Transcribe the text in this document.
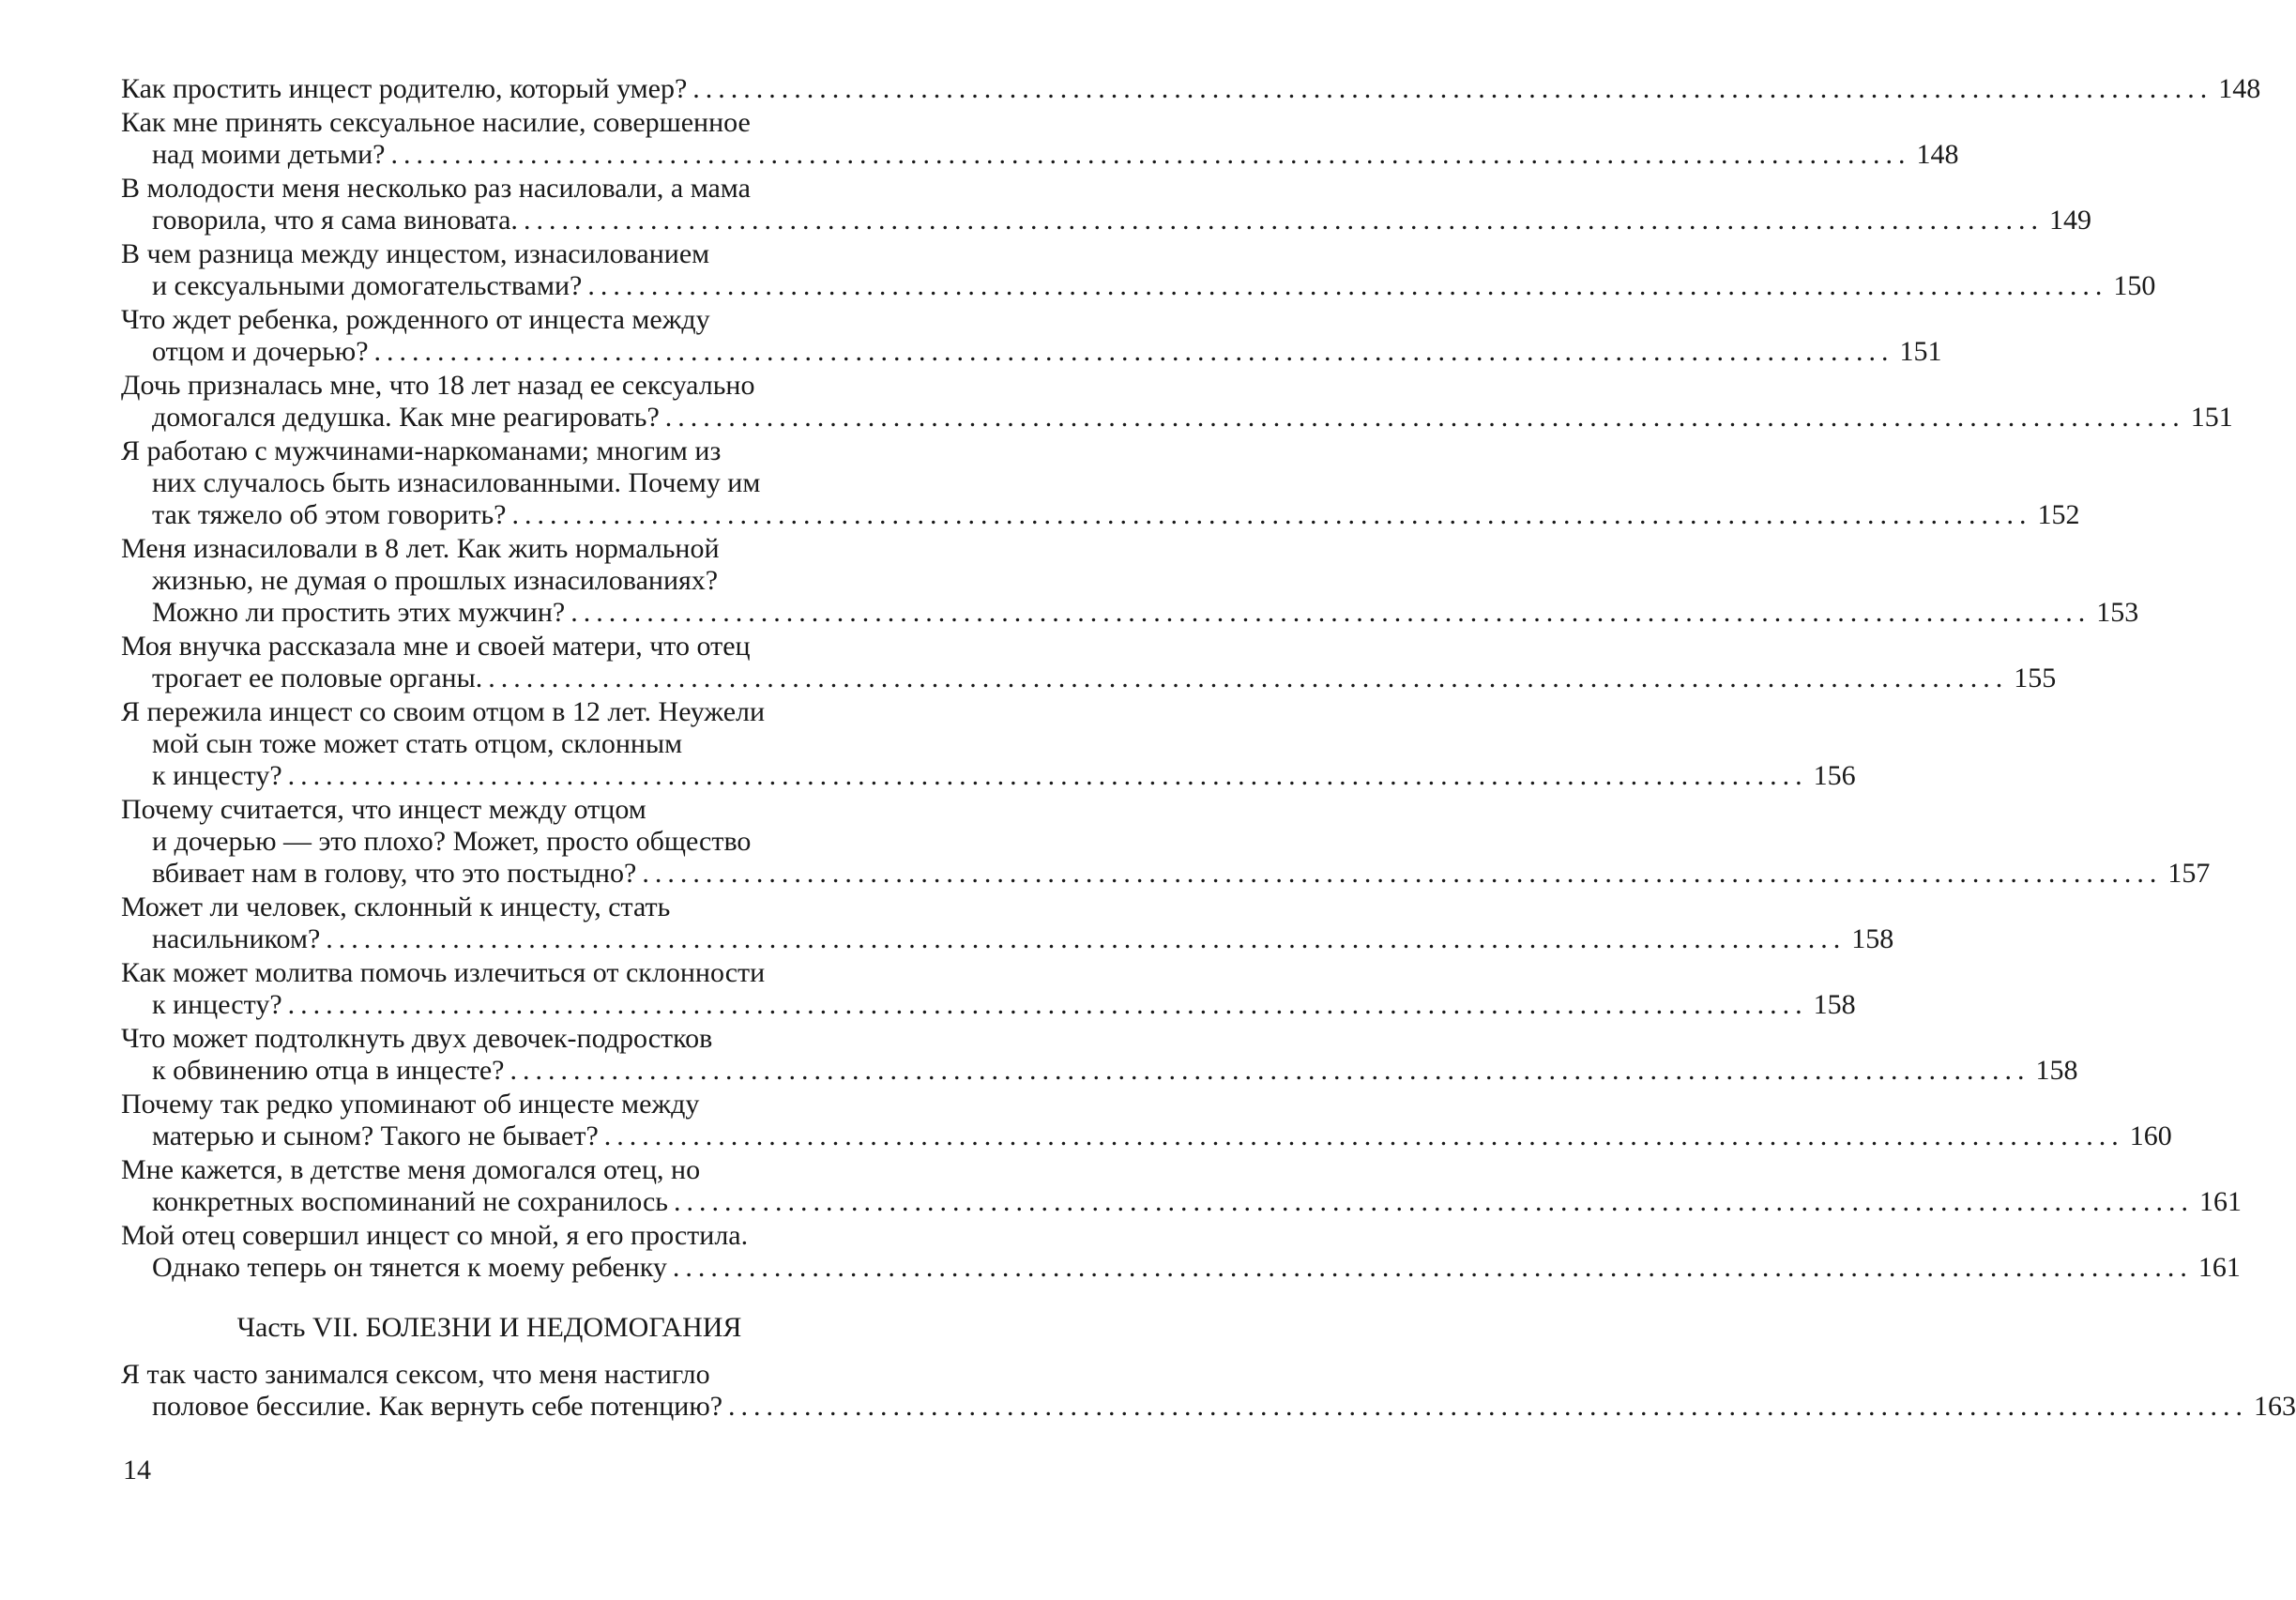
Как простить инцест родителю, который умер? ........................................................................................................................ 148
Как мне принять сексуальное насилие, совершенное
над моими детьми? ........................................................................................................................ 148
В молодости меня несколько раз насиловали, а мама
говорила, что я сама виновата. ........................................................................................................................ 149
В чем разница между инцестом, изнасилованием
и сексуальными домогательствами? ........................................................................................................................ 150
Что ждет ребенка, рожденного от инцеста между
отцом и дочерью? ........................................................................................................................ 151
Дочь призналась мне, что 18 лет назад ее сексуально
домогался дедушка. Как мне реагировать? ........................................................................................................................ 151
Я работаю с мужчинами-наркоманами; многим из
них случалось быть изнасилованными. Почему им
так тяжело об этом говорить? ........................................................................................................................ 152
Меня изнасиловали в 8 лет. Как жить нормальной
жизнью, не думая о прошлых изнасилованиях?
Можно ли простить этих мужчин? ........................................................................................................................ 153
Моя внучка рассказала мне и своей матери, что отец
трогает ее половые органы. ........................................................................................................................ 155
Я пережила инцест со своим отцом в 12 лет. Неужели
мой сын тоже может стать отцом, склонным
к инцесту? ........................................................................................................................ 156
Почему считается, что инцест между отцом
и дочерью — это плохо? Может, просто общество
вбивает нам в голову, что это постыдно? ........................................................................................................................ 157
Может ли человек, склонный к инцесту, стать
насильником? ........................................................................................................................ 158
Как может молитва помочь излечиться от склонности
к инцесту? ........................................................................................................................ 158
Что может подтолкнуть двух девочек-подростков
к обвинению отца в инцесте? ........................................................................................................................ 158
Почему так редко упоминают об инцесте между
матерью и сыном? Такого не бывает? ........................................................................................................................ 160
Мне кажется, в детстве меня домогался отец, но
конкретных воспоминаний не сохранилось ........................................................................................................................ 161
Мой отец совершил инцест со мной, я его простила.
Однако теперь он тянется к моему ребенку ........................................................................................................................ 161
Часть VII. БОЛЕЗНИ И НЕДОМОГАНИЯ
Я так часто занимался сексом, что меня настигло
половое бессилие. Как вернуть себе потенцию? ........................................................................................................................ 163
14
